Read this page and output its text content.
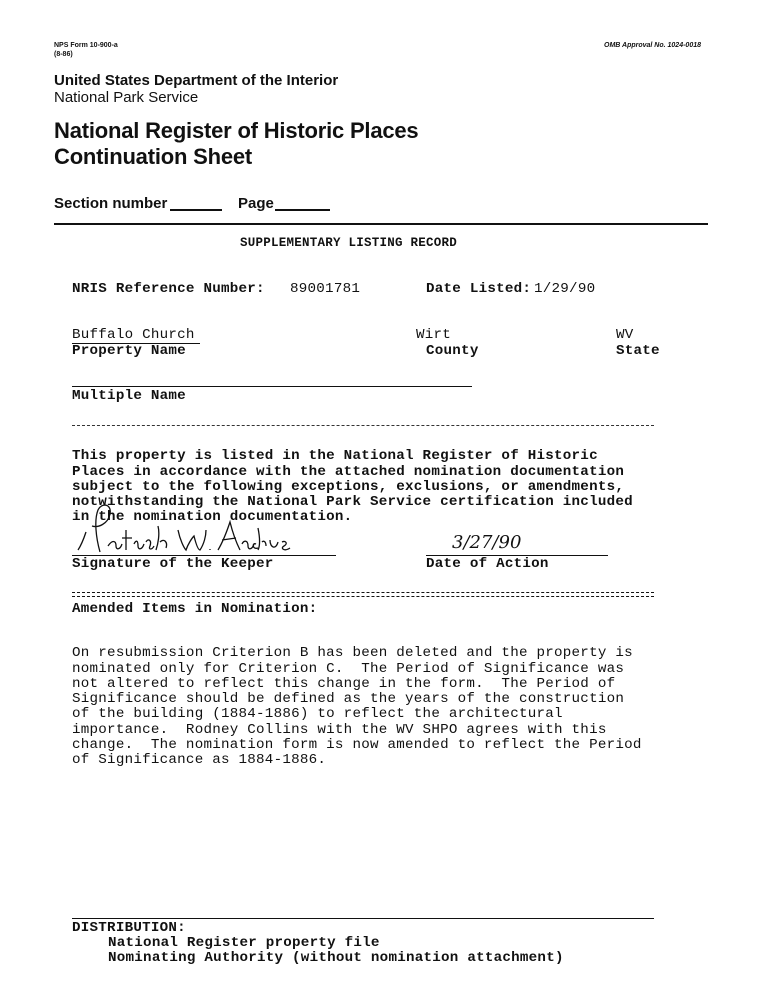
NPS Form 10-900-a
(8-86)
OMB Approval No. 1024-0018
United States Department of the Interior
National Park Service
National Register of Historic Places
Continuation Sheet
Section number	Page
SUPPLEMENTARY LISTING RECORD
NRIS Reference Number: 89001781	Date Listed: 1/29/90
Buffalo Church
Property Name
Wirt
County
WV
State
Multiple Name

This property is listed in the National Register of Historic
Places in accordance with the attached nomination documentation
subject to the following exceptions, exclusions, or amendments,
notwithstanding the National Park Service certification included
in the nomination documentation.

Signature of the Keeper
3/27/90
Date of Action
Amended Items in Nomination:

On resubmission Criterion B has been deleted and the property is
nominated only for Criterion C.  The Period of Significance was
not altered to reflect this change in the form.  The Period of
Significance should be defined as the years of the construction
of the building (1884-1886) to reflect the architectural
importance.  Rodney Collins with the WV SHPO agrees with this
change.  The nomination form is now amended to reflect the Period
of Significance as 1884-1886.

DISTRIBUTION:
National Register property file
Nominating Authority (without nomination attachment)
